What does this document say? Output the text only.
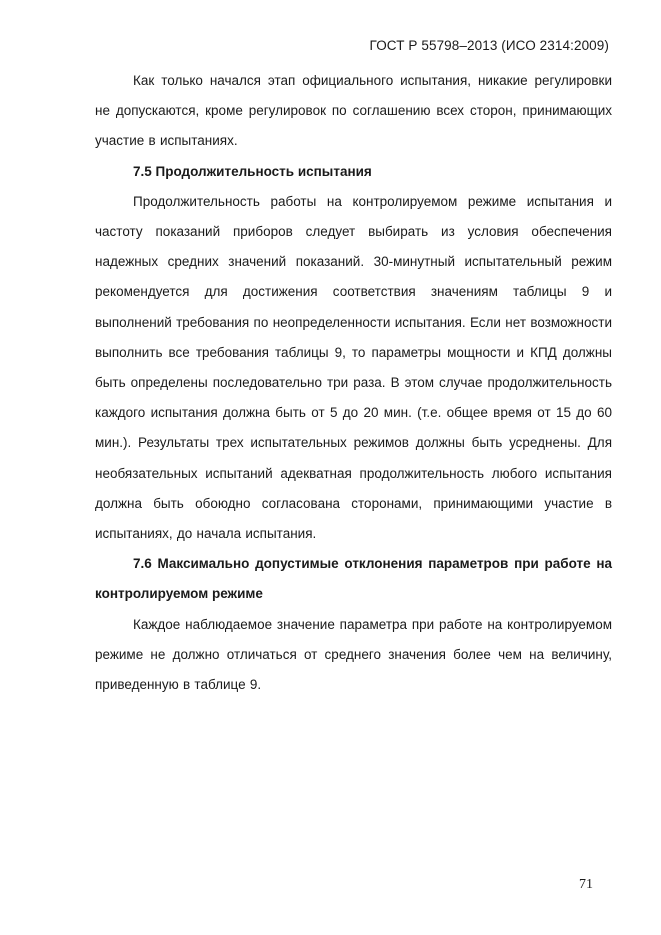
ГОСТ Р 55798–2013 (ИСО 2314:2009)

Как только начался этап официального испытания, никакие регулировки не допускаются, кроме регулировок по соглашению всех сторон, принимающих участие в испытаниях.

7.5 Продолжительность испытания

Продолжительность работы на контролируемом режиме испытания и частоту показаний приборов следует выбирать из условия обеспечения надежных средних значений показаний. 30-минутный испытательный режим рекомендуется для достижения соответствия значениям таблицы 9 и выполнений требования по неопределенности испытания. Если нет возможности выполнить все требования таблицы 9, то параметры мощности и КПД должны быть определены последовательно три раза. В этом случае продолжительность каждого испытания должна быть от 5 до 20 мин. (т.е. общее время от 15 до 60 мин.). Результаты трех испытательных режимов должны быть усреднены. Для необязательных испытаний адекватная продолжительность любого испытания должна быть обоюдно согласована сторонами, принимающими участие в испытаниях, до начала испытания.

7.6 Максимально допустимые отклонения параметров при работе на контролируемом режиме

Каждое наблюдаемое значение параметра при работе на контролируемом режиме не должно отличаться от среднего значения более чем на величину, приведенную в таблице 9.

71
